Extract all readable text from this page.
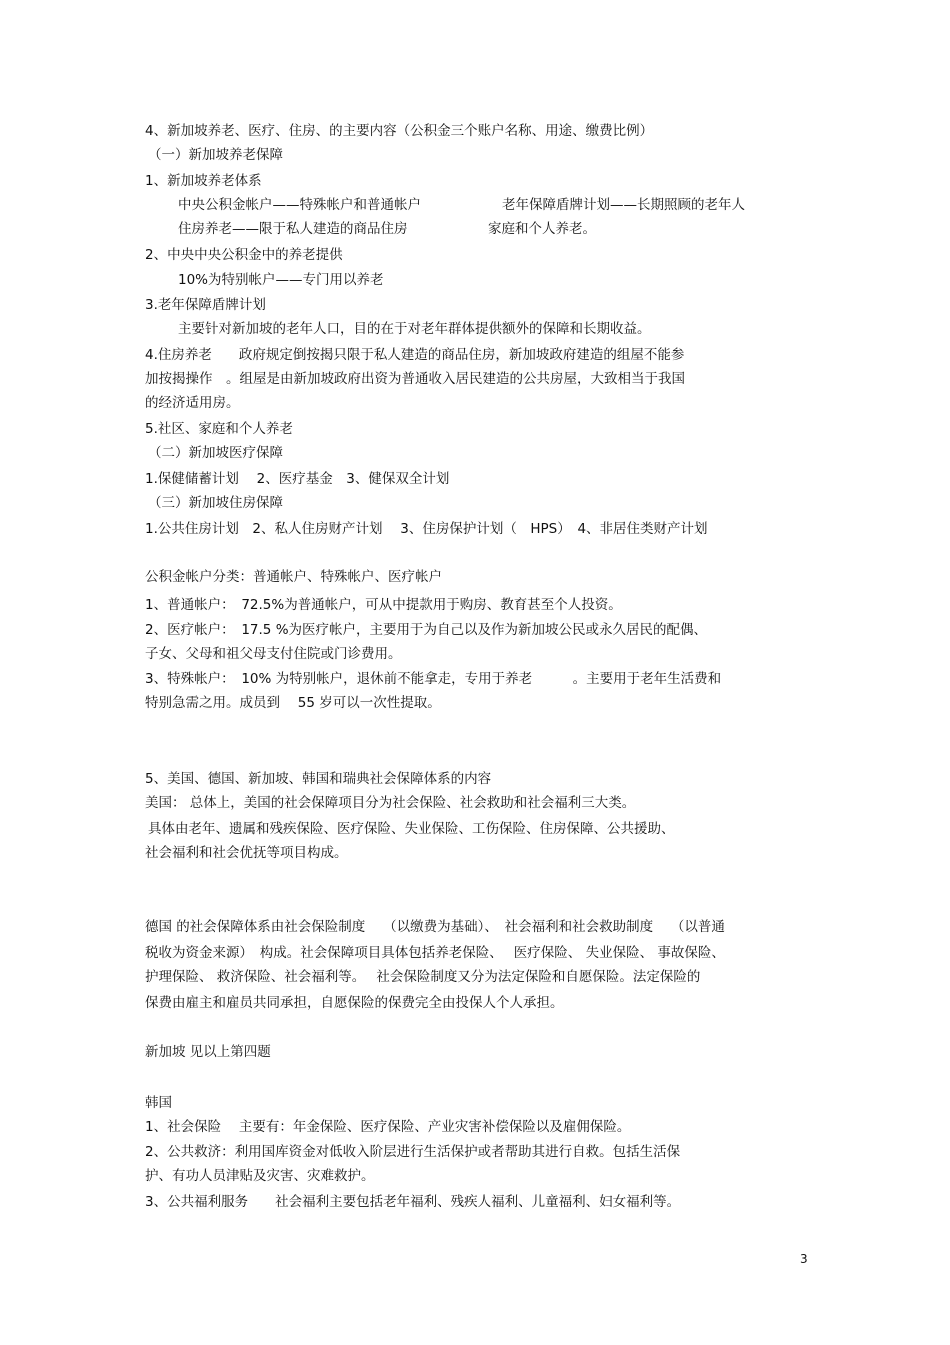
4、新加坡养老、医疗、住房、的主要内容（公积金三个账户名称、用途、缴费比例）
（一）新加坡养老保障
1、新加坡养老体系
中央公积金帐户——特殊帐户和普通帐户	老年保障盾牌计划——长期照顾的老年人
住房养老——限于私人建造的商品住房	家庭和个人养老。
2、中央中央公积金中的养老提供
10%为特别帐户——专门用以养老
3.老年保障盾牌计划
主要针对新加坡的老年人口，目的在于对老年群体提供额外的保障和长期收益。
4.住房养老　　政府规定倒按揭只限于私人建造的商品住房，新加坡政府建造的组屋不能参
加按揭操作　。组屋是由新加坡政府出资为普通收入居民建造的公共房屋，大致相当于我国
的经济适用房。
5.社区、家庭和个人养老
（二）新加坡医疗保障
1.保健储蓄计划　 2、医疗基金　3、健保双全计划
（三）新加坡住房保障
1.公共住房计划　2、私人住房财产计划　 3、住房保护计划（　HPS）　4、非居住类财产计划
公积金帐户分类：普通帐户、特殊帐户、医疗帐户
1、普通帐户：　72.5%为普通帐户，可从中提款用于购房、教育甚至个人投资。
2、医疗帐户：　17.5 %为医疗帐户，主要用于为自己以及作为新加坡公民或永久居民的配偶、
子女、父母和祖父母支付住院或门诊费用。
3、特殊帐户：　10% 为特别帐户，退休前不能拿走，专用于养老　　　。主要用于老年生活费和
特别急需之用。成员到　 55 岁可以一次性提取。
5、美国、德国、新加坡、韩国和瑞典社会保障体系的内容
美国： 总体上，美国的社会保障项目分为社会保险、社会救助和社会福利三大类。
具体由老年、遗属和残疾保险、医疗保险、失业保险、工伤保险、住房保障、公共援助、
社会福利和社会优抚等项目构成。
德国 的社会保障体系由社会保险制度　 （以缴费为基础）、　社会福利和社会救助制度　 （以普通
税收为资金来源）　构成。社会保障项目具体包括养老保险、　 医疗保险、 失业保险、 事故保险、
护理保险、 救济保险、社会福利等。　 社会保险制度又分为法定保险和自愿保险。法定保险的
保费由雇主和雇员共同承担，自愿保险的保费完全由投保人个人承担。
新加坡 见以上第四题
韩国
1、社会保险　 主要有：年金保险、医疗保险、产业灾害补偿保险以及雇佣保险。
2、公共救济：利用国库资金对低收入阶层进行生活保护或者帮助其进行自救。包括生活保
护、有功人员津贴及灾害、灾难救护。
3、公共福利服务　　社会福利主要包括老年福利、残疾人福利、儿童福利、妇女福利等。
3
